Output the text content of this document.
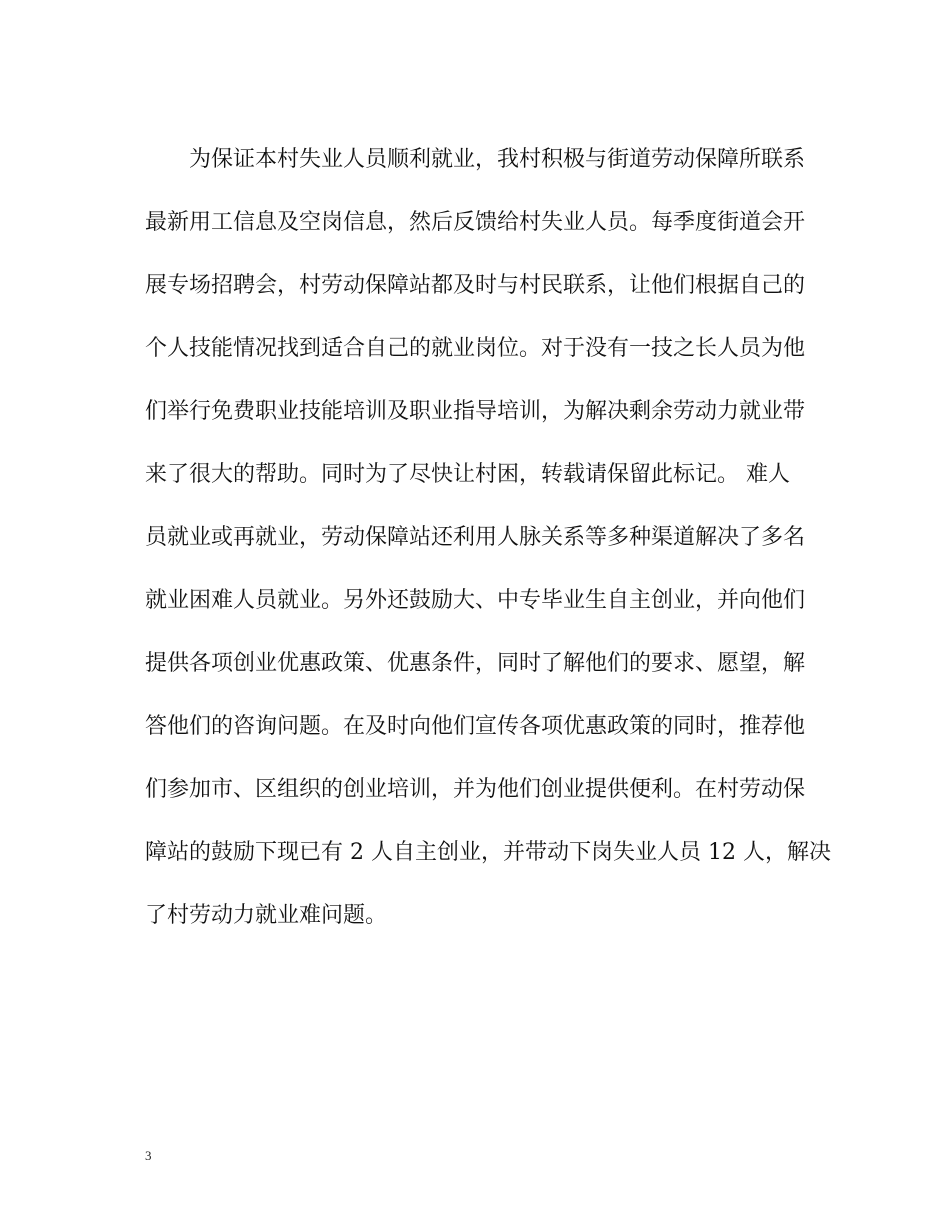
为保证本村失业人员顺利就业，我村积极与街道劳动保障所联系
最新用工信息及空岗信息，然后反馈给村失业人员。每季度街道会开
展专场招聘会，村劳动保障站都及时与村民联系，让他们根据自己的
个人技能情况找到适合自己的就业岗位。对于没有一技之长人员为他
们举行免费职业技能培训及职业指导培训，为解决剩余劳动力就业带
来了很大的帮助。同时为了尽快让村困，转载请保留此标记。 难人
员就业或再就业，劳动保障站还利用人脉关系等多种渠道解决了多名
就业困难人员就业。另外还鼓励大、中专毕业生自主创业，并向他们
提供各项创业优惠政策、优惠条件，同时了解他们的要求、愿望，解
答他们的咨询问题。在及时向他们宣传各项优惠政策的同时，推荐他
们参加市、区组织的创业培训，并为他们创业提供便利。在村劳动保
障站的鼓励下现已有 2 人自主创业，并带动下岗失业人员 12 人，解决
了村劳动力就业难问题。
3
